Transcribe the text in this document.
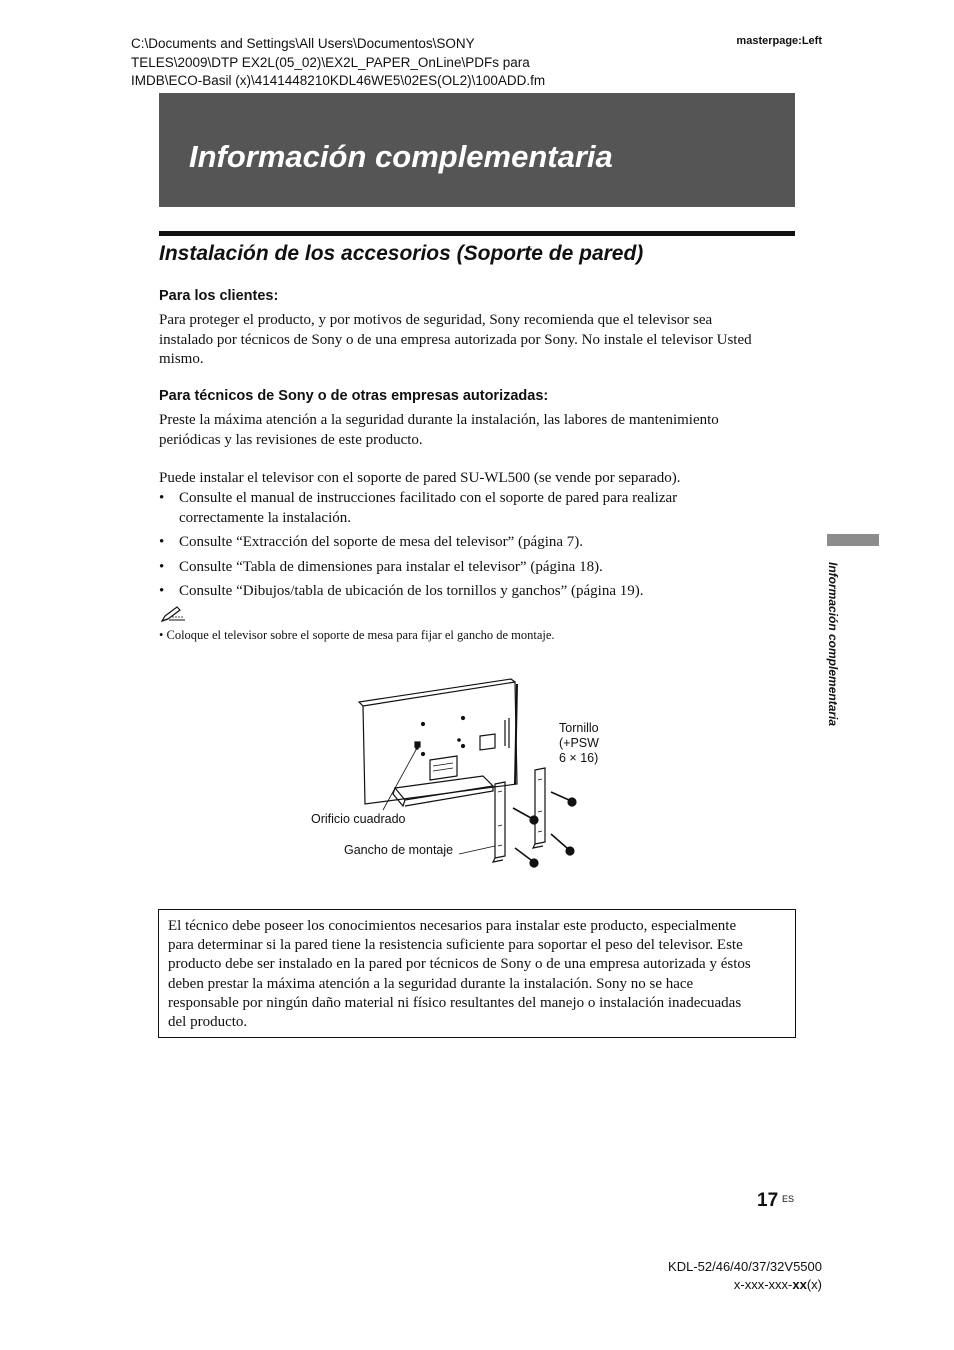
C:\Documents and Settings\All Users\Documentos\SONY
TELES\2009\DTP EX2L(05_02)\EX2L_PAPER_OnLine\PDFs para
IMDB\ECO-Basil (x)\4141448210KDL46WE5\02ES(OL2)\100ADD.fm
masterpage:Left
Información complementaria
Instalación de los accesorios (Soporte de pared)
Para los clientes:
Para proteger el producto, y por motivos de seguridad, Sony recomienda que el televisor sea
instalado por técnicos de Sony o de una empresa autorizada por Sony. No instale el televisor Usted
mismo.
Para técnicos de Sony o de otras empresas autorizadas:
Preste la máxima atención a la seguridad durante la instalación, las labores de mantenimiento
periódicas y las revisiones de este producto.
Puede instalar el televisor con el soporte de pared SU-WL500 (se vende por separado).
• Consulte el manual de instrucciones facilitado con el soporte de pared para realizar
correctamente la instalación.
• Consulte “Extracción del soporte de mesa del televisor” (página 7).
• Consulte “Tabla de dimensiones para instalar el televisor” (página 18).
• Consulte “Dibujos/tabla de ubicación de los tornillos y ganchos” (página 19).
• Coloque el televisor sobre el soporte de mesa para fijar el gancho de montaje.
Tornillo
(+PSW
6 × 16)
Orificio cuadrado
Gancho de montaje
El técnico debe poseer los conocimientos necesarios para instalar este producto, especialmente
para determinar si la pared tiene la resistencia suficiente para soportar el peso del televisor. Este
producto debe ser instalado en la pared por técnicos de Sony o de una empresa autorizada y éstos
deben prestar la máxima atención a la seguridad durante la instalación. Sony no se hace
responsable por ningún daño material ni físico resultantes del manejo o instalación inadecuadas
del producto.
Información complementaria
17 ES
KDL-52/46/40/37/32V5500
x-xxx-xxx-xx(x)
